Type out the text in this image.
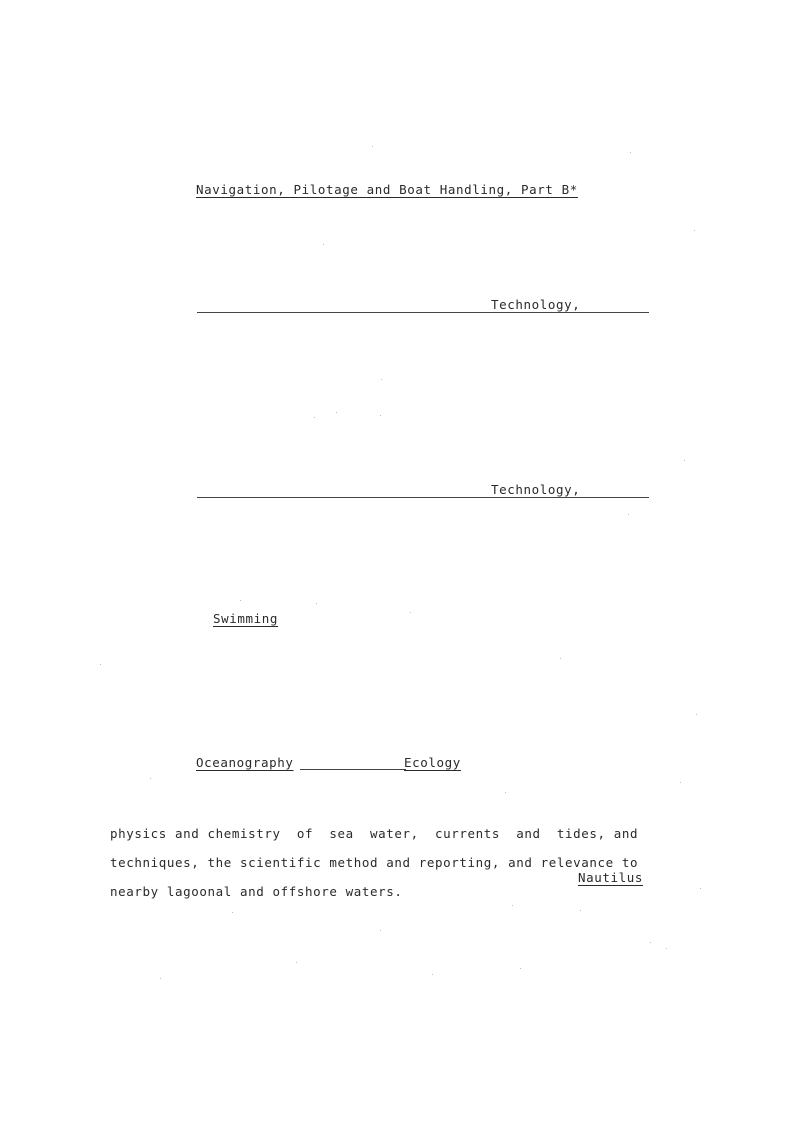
Navigation, Pilotage and Boat Handling, Part B*
Technology,
Technology,
Swimming
Oceanography	Ecology
physics and chemistry  of  sea  water,  currents  and  tides, and
techniques, the scientific method and reporting, and relevance to
Nautilus
nearby lagoonal and offshore waters.
